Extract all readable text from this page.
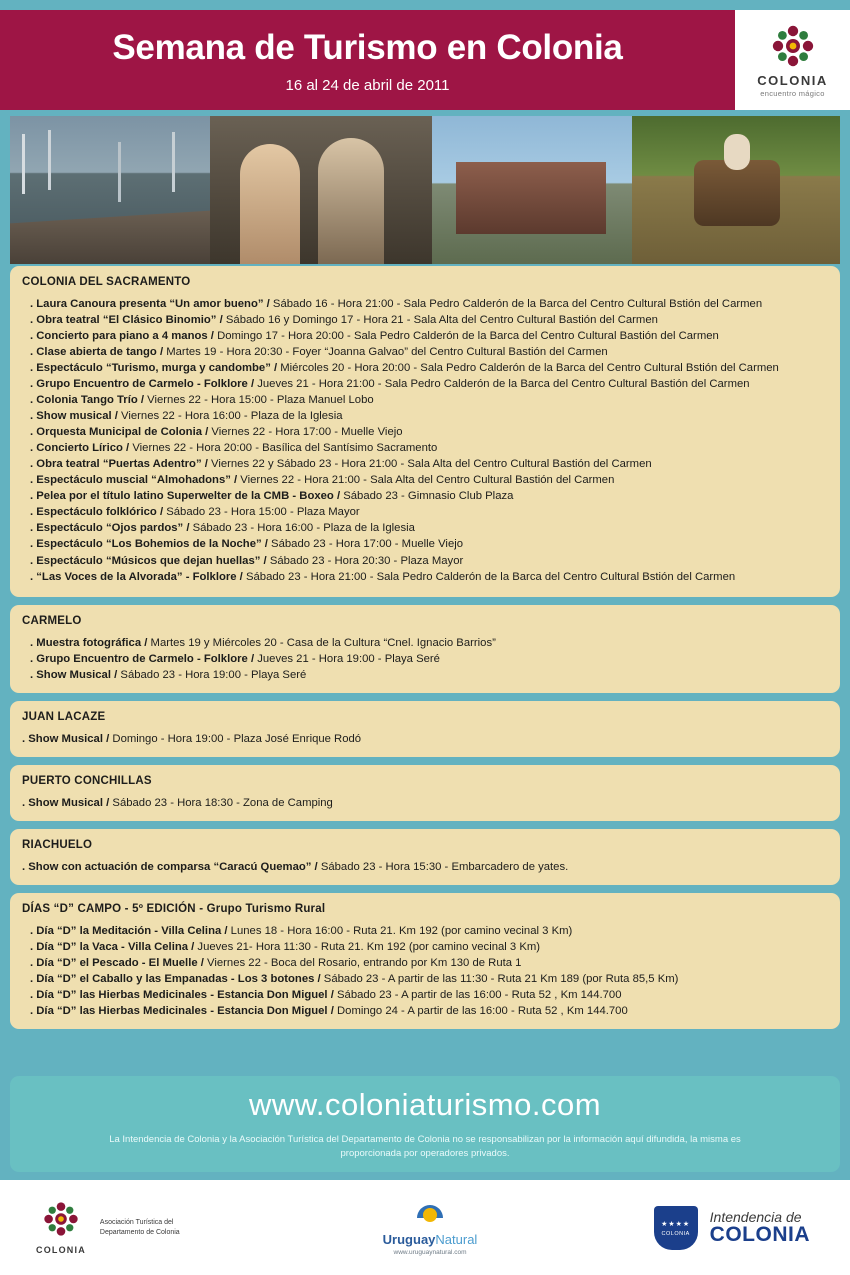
Semana de Turismo en Colonia
16 al 24 de abril de 2011	COLONIA
encuentro mágico
COLONIA DEL SACRAMENTO
. Laura Canoura presenta “Un amor bueno” / Sábado 16 - Hora 21:00 - Sala Pedro Calderón de la Barca del Centro Cultural Bstión del Carmen
. Obra teatral “El Clásico Binomio” / Sábado 16 y Domingo 17 - Hora 21 - Sala Alta del Centro Cultural Bastión del Carmen
. Concierto para piano a 4 manos / Domingo 17 - Hora 20:00 - Sala Pedro Calderón de la Barca del Centro Cultural Bastión del Carmen
. Clase abierta de tango / Martes 19 - Hora 20:30 - Foyer “Joanna Galvao” del Centro Cultural Bastión del Carmen
. Espectáculo “Turismo, murga y candombe” / Miércoles 20 - Hora 20:00 - Sala Pedro Calderón de la Barca del Centro Cultural Bstión del Carmen
. Grupo Encuentro de Carmelo - Folklore / Jueves 21 - Hora 21:00 - Sala Pedro Calderón de la Barca del Centro Cultural Bastión del Carmen
. Colonia Tango Trío / Viernes 22 - Hora 15:00 - Plaza Manuel Lobo
. Show musical / Viernes 22 - Hora 16:00 - Plaza de la Iglesia
. Orquesta Municipal de Colonia / Viernes 22 - Hora 17:00 - Muelle Viejo
. Concierto Lírico / Viernes 22 - Hora 20:00 - Basílica del Santísimo Sacramento
. Obra teatral “Puertas Adentro” / Viernes 22 y Sábado 23 - Hora 21:00 - Sala Alta del Centro Cultural Bastión del Carmen
. Espectáculo muscial “Almohadons” / Viernes 22 - Hora 21:00 - Sala Alta del Centro Cultural Bastión del Carmen
. Pelea por el título latino Superwelter de la CMB - Boxeo / Sábado 23 - Gimnasio Club Plaza
. Espectáculo folklórico / Sábado 23 - Hora 15:00 - Plaza Mayor
. Espectáculo “Ojos pardos” / Sábado 23 - Hora 16:00 - Plaza de la Iglesia
. Espectáculo “Los Bohemios de la Noche” / Sábado 23 - Hora 17:00 - Muelle Viejo
. Espectáculo “Músicos que dejan huellas” / Sábado 23 - Hora 20:30 - Plaza Mayor
. “Las Voces de la Alvorada” - Folklore / Sábado 23 - Hora 21:00 - Sala Pedro Calderón de la Barca del Centro Cultural Bstión del Carmen
CARMELO
. Muestra fotográfica / Martes 19 y Miércoles 20 - Casa de la Cultura “Cnel. Ignacio Barrios”
. Grupo Encuentro de Carmelo - Folklore / Jueves 21 - Hora 19:00 - Playa Seré
. Show Musical / Sábado 23 - Hora 19:00 - Playa Seré
JUAN LACAZE
. Show Musical / Domingo - Hora 19:00 - Plaza José Enrique Rodó
PUERTO CONCHILLAS
. Show Musical / Sábado 23 - Hora 18:30 - Zona de Camping
RIACHUELO
. Show con actuación de comparsa “Caracú Quemao” / Sábado 23 - Hora 15:30 - Embarcadero de yates.
DÍAS “D” CAMPO - 5º EDICIÓN - Grupo Turismo Rural
. Día “D” la Meditación - Villa Celina / Lunes 18 - Hora 16:00 - Ruta 21. Km 192 (por camino vecinal 3 Km)
. Día “D” la Vaca - Villa Celina / Jueves 21- Hora 11:30 - Ruta 21. Km 192 (por camino vecinal 3 Km)
. Día “D” el Pescado - El Muelle / Viernes 22 - Boca del Rosario, entrando por Km 130 de Ruta 1
. Día “D” el Caballo y las Empanadas - Los 3 botones / Sábado 23 - A partir de las 11:30 - Ruta 21 Km 189 (por Ruta 85,5 Km)
. Día “D” las Hierbas Medicinales - Estancia Don Miguel / Sábado 23 - A partir de las 16:00 - Ruta 52 , Km 144.700
. Día “D” las Hierbas Medicinales - Estancia Don Miguel / Domingo 24 - A partir de las 16:00 - Ruta 52 , Km 144.700
www.coloniaturismo.com
La Intendencia de Colonia y la Asociación Turística del Departamento de Colonia no se responsabilizan por la información aquí difundida, la misma es proporcionada por operadores privados.
COLONIA
Asociación Turística del
Departamento de Colonia	UruguayNatural
www.uruguaynatural.com
★★★★
COLONIA
Intendencia de
COLONIA
